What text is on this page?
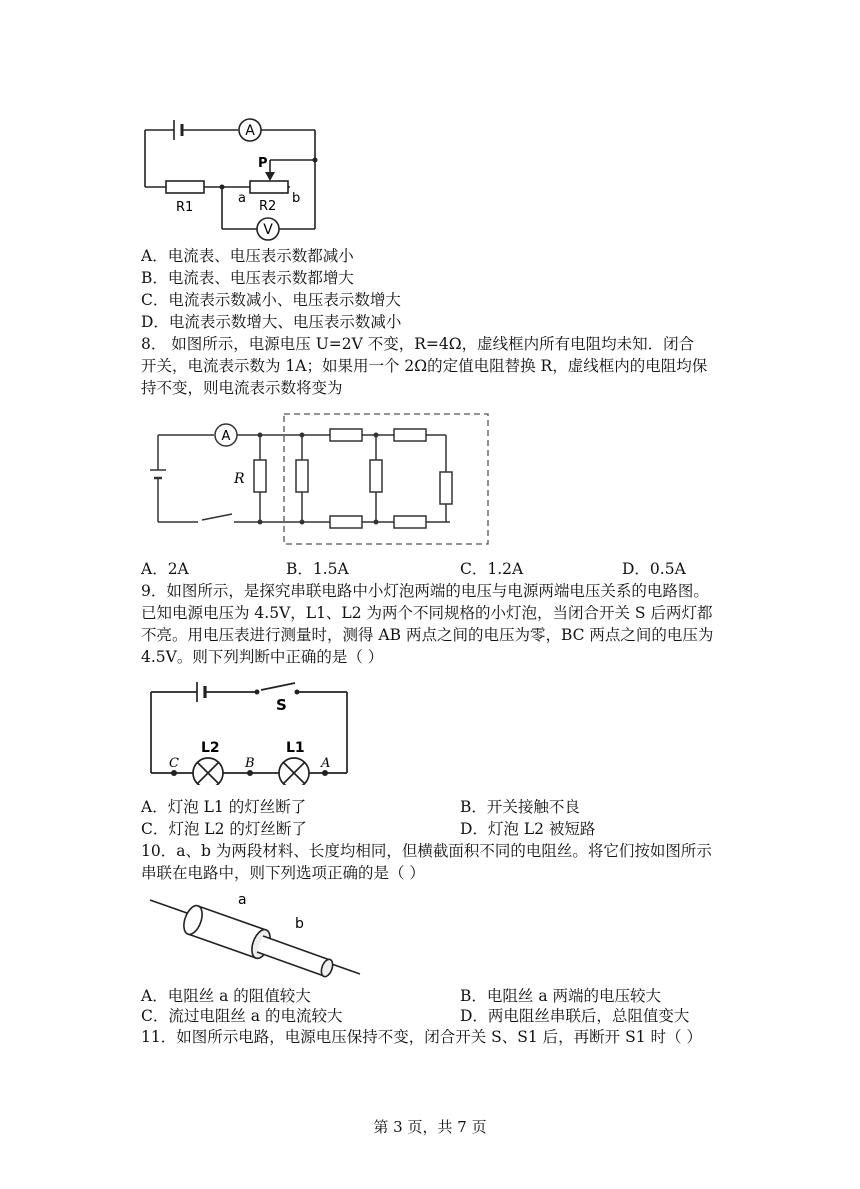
A
V
P
R1	R2
a	b
A．电流表、电压表示数都减小
B．电流表、电压表示数都增大
C．电流表示数减小、电压表示数增大
D．电流表示数增大、电压表示数减小
8． 如图所示，电源电压 U=2V 不变，R=4Ω，虚线框内所有电阻均未知．闭合
开关，电流表示数为 1A；如果用一个 2Ω的定值电阻替换 R，虚线框内的电阻均保
持不变，则电流表示数将变为
A
R
A．2A	B．1.5A	C．1.2A	D．0.5A
9．如图所示，是探究串联电路中小灯泡两端的电压与电源两端电压关系的电路图。
已知电源电压为 4.5V，L1、L2 为两个不同规格的小灯泡，当闭合开关 S 后两灯都
不亮。用电压表进行测量时，测得 AB 两点之间的电压为零，BC 两点之间的电压为
4.5V。则下列判断中正确的是（ ）
S
L2	L1
C	B	A
A．灯泡 L1 的灯丝断了	B．开关接触不良
C．灯泡 L2 的灯丝断了	D．灯泡 L2 被短路
10．a、b 为两段材料、长度均相同，但横截面积不同的电阻丝。将它们按如图所示
串联在电路中，则下列选项正确的是（ ）
a
b
A．电阻丝 a 的阻值较大	B．电阻丝 a 两端的电压较大
C．流过电阻丝 a 的电流较大	D．两电阻丝串联后，总阻值变大
11．如图所示电路，电源电压保持不变，闭合开关 S、S1 后，再断开 S1 时（ ）
第 3 页，共 7 页
